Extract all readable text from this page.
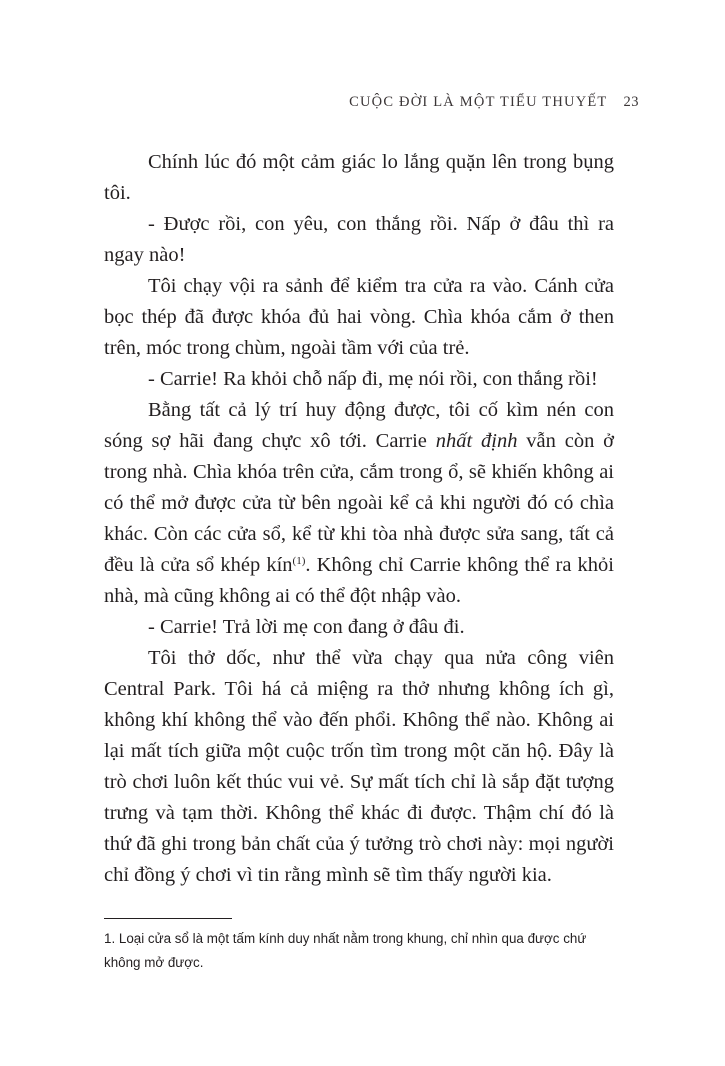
CUỘC ĐỜI LÀ MỘT TIỂU THUYẾT 23

Chính lúc đó một cảm giác lo lắng quặn lên trong bụng tôi.

- Được rồi, con yêu, con thắng rồi. Nấp ở đâu thì ra ngay nào!

Tôi chạy vội ra sảnh để kiểm tra cửa ra vào. Cánh cửa bọc thép đã được khóa đủ hai vòng. Chìa khóa cắm ở then trên, móc trong chùm, ngoài tầm với của trẻ.

- Carrie! Ra khỏi chỗ nấp đi, mẹ nói rồi, con thắng rồi!

Bằng tất cả lý trí huy động được, tôi cố kìm nén con sóng sợ hãi đang chực xô tới. Carrie nhất định vẫn còn ở trong nhà. Chìa khóa trên cửa, cắm trong ổ, sẽ khiến không ai có thể mở được cửa từ bên ngoài kể cả khi người đó có chìa khác. Còn các cửa sổ, kể từ khi tòa nhà được sửa sang, tất cả đều là cửa sổ khép kín$^{(1)}$. Không chỉ Carrie không thể ra khỏi nhà, mà cũng không ai có thể đột nhập vào.

- Carrie! Trả lời mẹ con đang ở đâu đi.

Tôi thở dốc, như thể vừa chạy qua nửa công viên Central Park. Tôi há cả miệng ra thở nhưng không ích gì, không khí không thể vào đến phổi. Không thể nào. Không ai lại mất tích giữa một cuộc trốn tìm trong một căn hộ. Đây là trò chơi luôn kết thúc vui vẻ. Sự mất tích chỉ là sắp đặt tượng trưng và tạm thời. Không thể khác đi được. Thậm chí đó là thứ đã ghi trong bản chất của ý tưởng trò chơi này: mọi người chỉ đồng ý chơi vì tin rằng mình sẽ tìm thấy người kia.

1. Loại cửa sổ là một tấm kính duy nhất nằm trong khung, chỉ nhìn qua được chứ không mở được.
